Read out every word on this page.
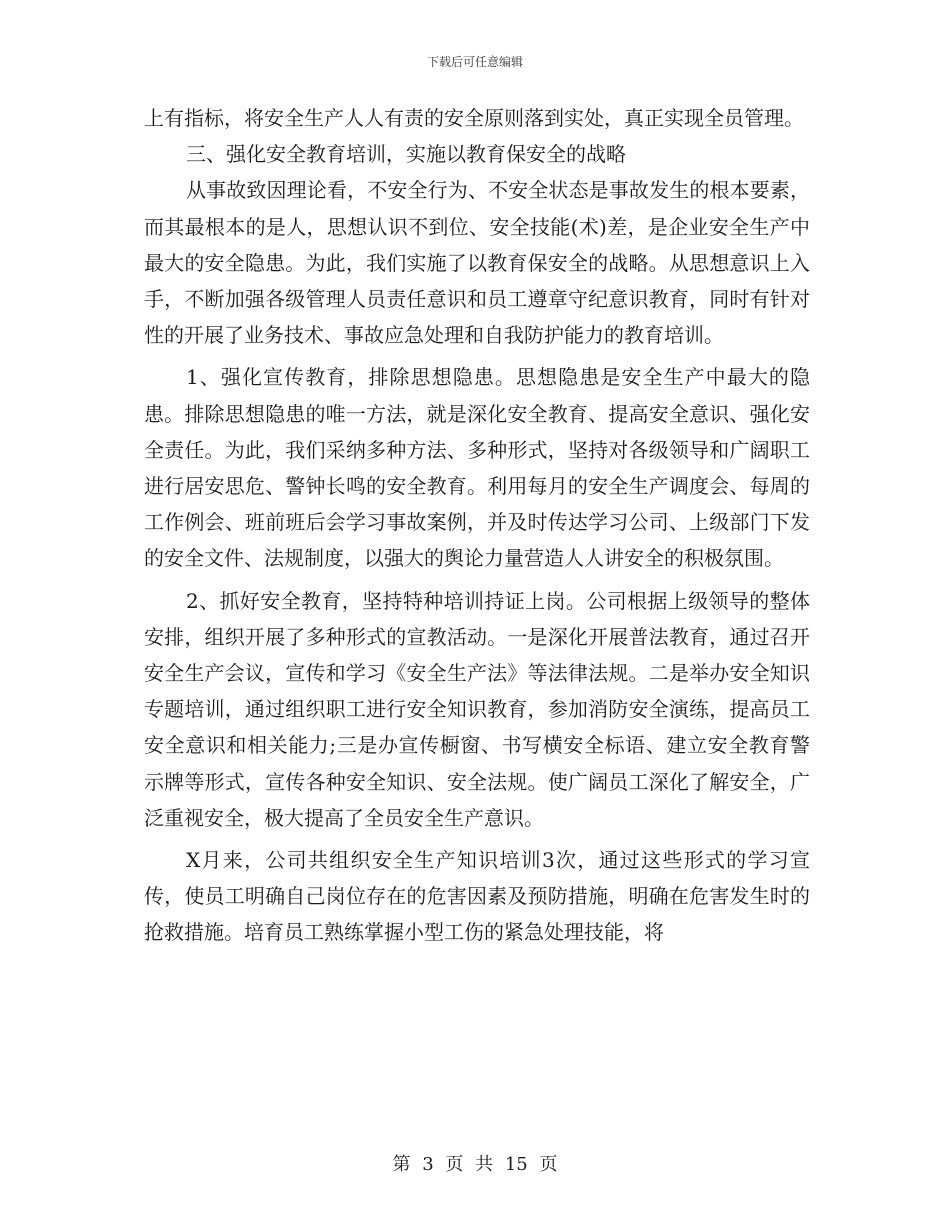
下载后可任意编辑

上有指标，将安全生产人人有责的安全原则落到实处，真正实现全员管理。

三、强化安全教育培训，实施以教育保安全的战略

从事故致因理论看，不安全行为、不安全状态是事故发生的根本要素，而其最根本的是人，思想认识不到位、安全技能(术)差，是企业安全生产中最大的安全隐患。为此，我们实施了以教育保安全的战略。从思想意识上入手，不断加强各级管理人员责任意识和员工遵章守纪意识教育，同时有针对性的开展了业务技术、事故应急处理和自我防护能力的教育培训。

1、强化宣传教育，排除思想隐患。思想隐患是安全生产中最大的隐患。排除思想隐患的唯一方法，就是深化安全教育、提高安全意识、强化安全责任。为此，我们采纳多种方法、多种形式，坚持对各级领导和广阔职工进行居安思危、警钟长鸣的安全教育。利用每月的安全生产调度会、每周的工作例会、班前班后会学习事故案例，并及时传达学习公司、上级部门下发的安全文件、法规制度，以强大的舆论力量营造人人讲安全的积极氛围。

2、抓好安全教育，坚持特种培训持证上岗。公司根据上级领导的整体安排，组织开展了多种形式的宣教活动。一是深化开展普法教育，通过召开安全生产会议，宣传和学习《安全生产法》等法律法规。二是举办安全知识专题培训，通过组织职工进行安全知识教育，参加消防安全演练，提高员工安全意识和相关能力;三是办宣传橱窗、书写横安全标语、建立安全教育警示牌等形式，宣传各种安全知识、安全法规。使广阔员工深化了解安全，广泛重视安全，极大提高了全员安全生产意识。

X月来，公司共组织安全生产知识培训3次，通过这些形式的学习宣传，使员工明确自己岗位存在的危害因素及预防措施，明确在危害发生时的抢救措施。培育员工熟练掌握小型工伤的紧急处理技能，将

第 3 页 共 15 页
